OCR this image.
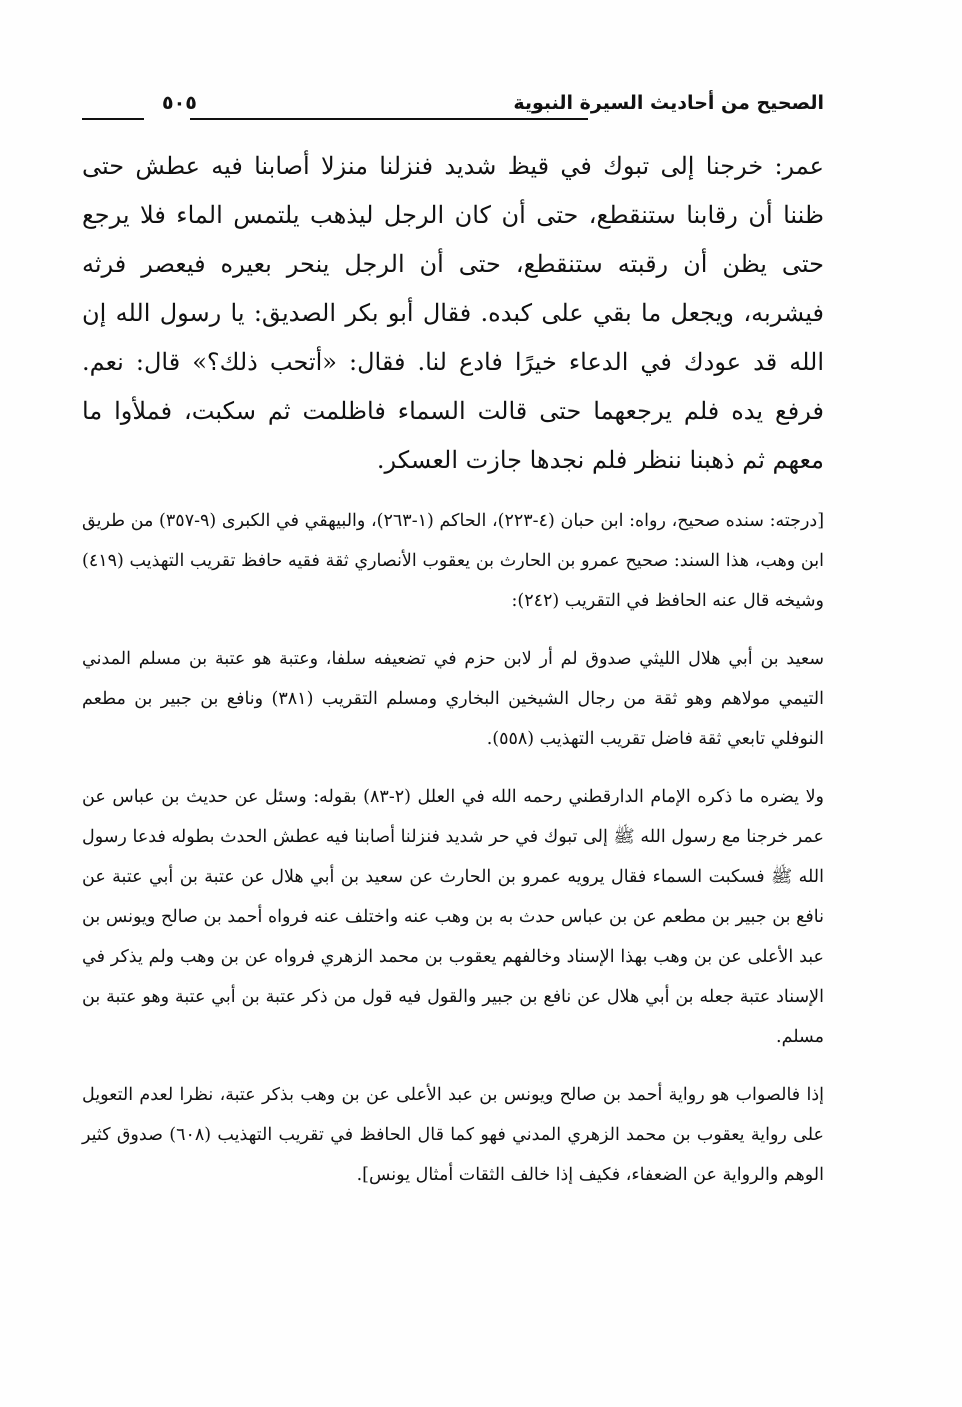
الصحيح من أحاديث السيرة النبوية
٥٠٥

عمر: خرجنا إلى تبوك في قيظ شديد فنزلنا منزلا أصابنا فيه عطش حتى ظننا أن رقابنا ستنقطع، حتى أن كان الرجل ليذهب يلتمس الماء فلا يرجع حتى يظن أن رقبته ستنقطع، حتى أن الرجل ينحر بعيره فيعصر فرثه فيشربه، ويجعل ما بقي على كبده. فقال أبو بكر الصديق: يا رسول الله إن الله قد عودك في الدعاء خيرًا فادع لنا. فقال: «أتحب ذلك؟» قال: نعم. فرفع يده فلم يرجعهما حتى قالت السماء فاظلمت ثم سكبت، فملأوا ما معهم ثم ذهبنا ننظر فلم نجدها جازت العسكر.

[درجته: سنده صحيح، رواه: ابن حبان (٤-٢٢٣)، الحاكم (١-٢٦٣)، والبيهقي في الكبرى (٩-٣٥٧) من طريق ابن وهب، هذا السند: صحيح عمرو بن الحارث بن يعقوب الأنصاري ثقة فقيه حافظ تقريب التهذيب (٤١٩) وشيخه قال عنه الحافظ في التقريب (٢٤٢):

سعيد بن أبي هلال الليثي صدوق لم أر لابن حزم في تضعيفه سلفا، وعتبة هو عتبة بن مسلم المدني التيمي مولاهم وهو ثقة من رجال الشيخين البخاري ومسلم التقريب (٣٨١) ونافع بن جبير بن مطعم النوفلي تابعي ثقة فاضل تقريب التهذيب (٥٥٨).

ولا يضره ما ذكره الإمام الدارقطني رحمه الله في العلل (٢-٨٣) بقوله: وسئل عن حديث بن عباس عن عمر خرجنا مع رسول الله ﷺ إلى تبوك في حر شديد فنزلنا أصابنا فيه عطش الحدث بطوله فدعا رسول الله ﷺ فسكبت السماء فقال يرويه عمرو بن الحارث عن سعيد بن أبي هلال عن عتبة بن أبي عتبة عن نافع بن جبير بن مطعم عن بن عباس حدث به بن وهب عنه واختلف عنه فرواه أحمد بن صالح ويونس بن عبد الأعلى عن بن وهب بهذا الإسناد وخالفهم يعقوب بن محمد الزهري فرواه عن بن وهب ولم يذكر في الإسناد عتبة جعله بن أبي هلال عن نافع بن جبير والقول فيه قول من ذكر عتبة بن أبي عتبة وهو عتبة بن مسلم.

إذا فالصواب هو رواية أحمد بن صالح ويونس بن عبد الأعلى عن بن وهب بذكر عتبة، نظرا لعدم التعويل على رواية يعقوب بن محمد الزهري المدني فهو كما قال الحافظ في تقريب التهذيب (٦٠٨) صدوق كثير الوهم والرواية عن الضعفاء، فكيف إذا خالف الثقات أمثال يونس].
